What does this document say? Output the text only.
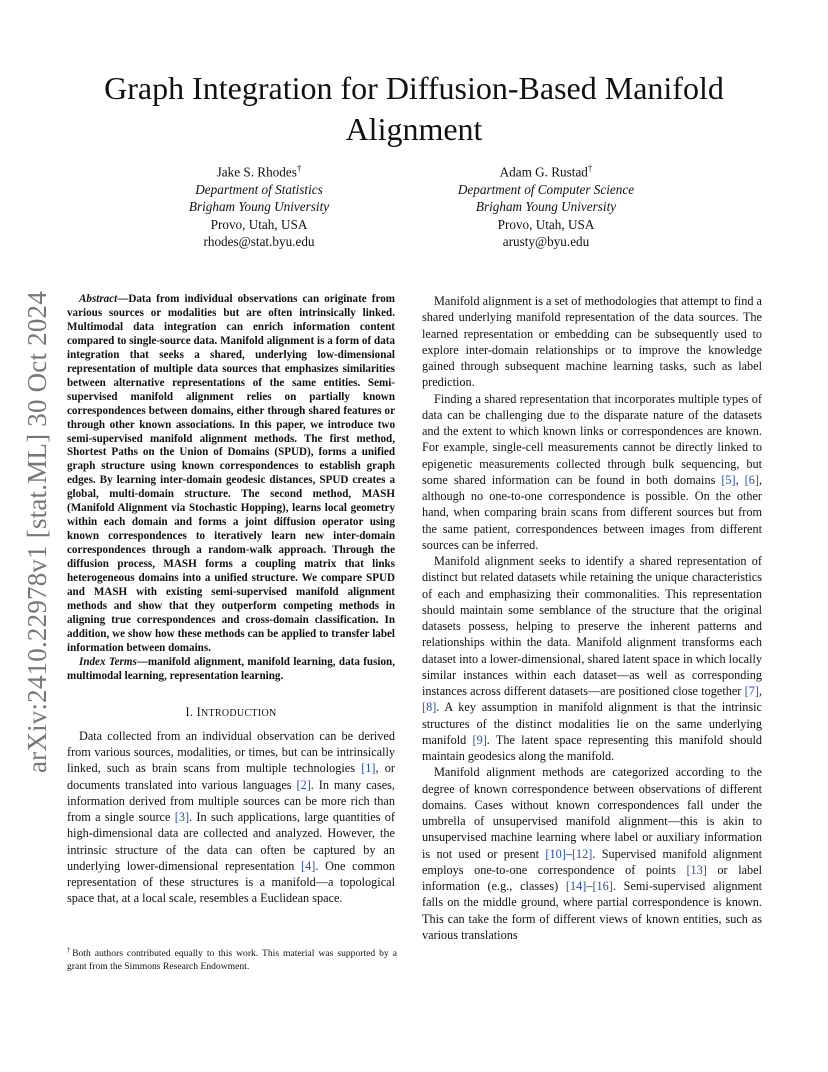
arXiv:2410.22978v1 [stat.ML] 30 Oct 2024
Graph Integration for Diffusion-Based Manifold Alignment
Jake S. Rhodes†
Department of Statistics
Brigham Young University
Provo, Utah, USA
rhodes@stat.byu.edu
Adam G. Rustad†
Department of Computer Science
Brigham Young University
Provo, Utah, USA
arusty@byu.edu

Abstract—Data from individual observations can originate from various sources or modalities but are often intrinsically linked. Multimodal data integration can enrich information content compared to single-source data. Manifold alignment is a form of data integration that seeks a shared, underlying low-dimensional representation of multiple data sources that emphasizes similarities between alternative representations of the same entities. Semi-supervised manifold alignment relies on partially known correspondences between domains, either through shared features or through other known associations. In this paper, we introduce two semi-supervised manifold alignment methods. The first method, Shortest Paths on the Union of Domains (SPUD), forms a unified graph structure using known correspondences to establish graph edges. By learning inter-domain geodesic distances, SPUD creates a global, multi-domain structure. The second method, MASH (Manifold Alignment via Stochastic Hopping), learns local geometry within each domain and forms a joint diffusion operator using known correspondences to iteratively learn new inter-domain correspondences through a random-walk approach. Through the diffusion process, MASH forms a coupling matrix that links heterogeneous domains into a unified structure. We compare SPUD and MASH with existing semi-supervised manifold alignment methods and show that they outperform competing methods in aligning true correspondences and cross-domain classification. In addition, we show how these methods can be applied to transfer label information between domains.

Index Terms—manifold alignment, manifold learning, data fusion, multimodal learning, representation learning.

I. INTRODUCTION

Data collected from an individual observation can be derived from various sources, modalities, or times, but can be intrinsically linked, such as brain scans from multiple technologies [1], or documents translated into various languages [2]. In many cases, information derived from multiple sources can be more rich than from a single source [3]. In such applications, large quantities of high-dimensional data are collected and analyzed. However, the intrinsic structure of the data can often be captured by an underlying lower-dimensional representation [4]. One common representation of these structures is a manifold—a topological space that, at a local scale, resembles a Euclidean space.

Manifold alignment is a set of methodologies that attempt to find a shared underlying manifold representation of the data sources. The learned representation or embedding can be subsequently used to explore inter-domain relationships or to improve the knowledge gained through subsequent machine learning tasks, such as label prediction.

Finding a shared representation that incorporates multiple types of data can be challenging due to the disparate nature of the datasets and the extent to which known links or correspondences are known. For example, single-cell measurements cannot be directly linked to epigenetic measurements collected through bulk sequencing, but some shared information can be found in both domains [5], [6], although no one-to-one correspondence is possible. On the other hand, when comparing brain scans from different sources but from the same patient, correspondences between images from different sources can be inferred.

Manifold alignment seeks to identify a shared representation of distinct but related datasets while retaining the unique characteristics of each and emphasizing their commonalities. This representation should maintain some semblance of the structure that the original datasets possess, helping to preserve the inherent patterns and relationships within the data. Manifold alignment transforms each dataset into a lower-dimensional, shared latent space in which locally similar instances within each dataset—as well as corresponding instances across different datasets—are positioned close together [7], [8]. A key assumption in manifold alignment is that the intrinsic structures of the distinct modalities lie on the same underlying manifold [9]. The latent space representing this manifold should maintain geodesics along the manifold.

Manifold alignment methods are categorized according to the degree of known correspondence between observations of different domains. Cases without known correspondences fall under the umbrella of unsupervised manifold alignment—this is akin to unsupervised machine learning where label or auxiliary information is not used or present [10]–[12]. Supervised manifold alignment employs one-to-one correspondence of points [13] or label information (e.g., classes) [14]–[16]. Semi-supervised alignment falls on the middle ground, where partial correspondence is known. This can take the form of different views of known entities, such as various translations

†Both authors contributed equally to this work. This material was supported by a grant from the Simmons Research Endowment.
